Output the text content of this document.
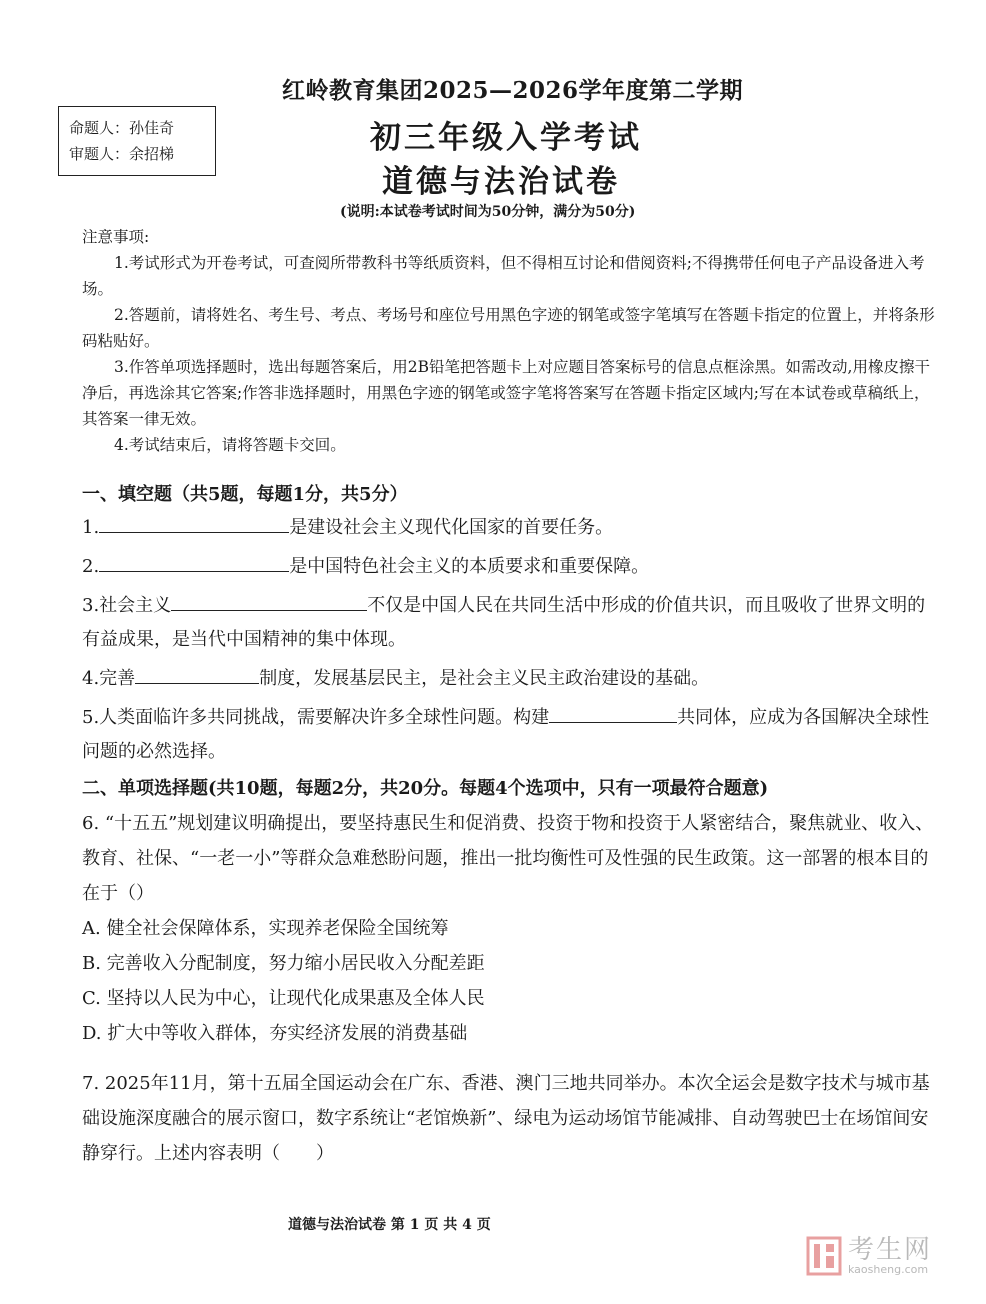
红岭教育集团2025—2026学年度第二学期
命题人：孙佳奇
审题人：余招梯	初三年级入学考试
道德与法治试卷
(说明:本试卷考试时间为50分钟，满分为50分)

注意事项:

1.考试形式为开卷考试，可查阅所带教科书等纸质资料，但不得相互讨论和借阅资料;不得携带任何电子产品设备进入考场。

2.答题前，请将姓名、考生号、考点、考场号和座位号用黑色字迹的钢笔或签字笔填写在答题卡指定的位置上，并将条形码粘贴好。

3.作答单项选择题时，选出每题答案后，用2B铅笔把答题卡上对应题目答案标号的信息点框涂黑。如需改动,用橡皮擦干净后，再选涂其它答案;作答非选择题时，用黑色字迹的钢笔或签字笔将答案写在答题卡指定区域内;写在本试卷或草稿纸上，其答案一律无效。

4.考试结束后，请将答题卡交回。

一、填空题（共5题，每题1分，共5分）

1.	是建设社会主义现代化国家的首要任务。

2.	是中国特色社会主义的本质要求和重要保障。

3.社会主义	不仅是中国人民在共同生活中形成的价值共识，而且吸收了世界文明的有益成果，是当代中国精神的集中体现。

4.完善	制度，发展基层民主，是社会主义民主政治建设的基础。

5.人类面临许多共同挑战，需要解决许多全球性问题。构建	共同体，应成为各国解决全球性问题的必然选择。

二、单项选择题(共10题，每题2分，共20分。每题4个选项中，只有一项最符合题意)

6. “十五五”规划建议明确提出，要坚持惠民生和促消费、投资于物和投资于人紧密结合，聚焦就业、收入、教育、社保、“一老一小”等群众急难愁盼问题，推出一批均衡性可及性强的民生政策。这一部署的根本目的在于（）

A. 健全社会保障体系，实现养老保险全国统筹

B. 完善收入分配制度，努力缩小居民收入分配差距

C. 坚持以人民为中心，让现代化成果惠及全体人民

D. 扩大中等收入群体，夯实经济发展的消费基础

7. 2025年11月，第十五届全国运动会在广东、香港、澳门三地共同举办。本次全运会是数字技术与城市基础设施深度融合的展示窗口，数字系统让“老馆焕新”、绿电为运动场馆节能减排、自动驾驶巴士在场馆间安静穿行。上述内容表明（　　）

道德与法治试卷 第 1 页 共 4 页
考生网
kaosheng.com
